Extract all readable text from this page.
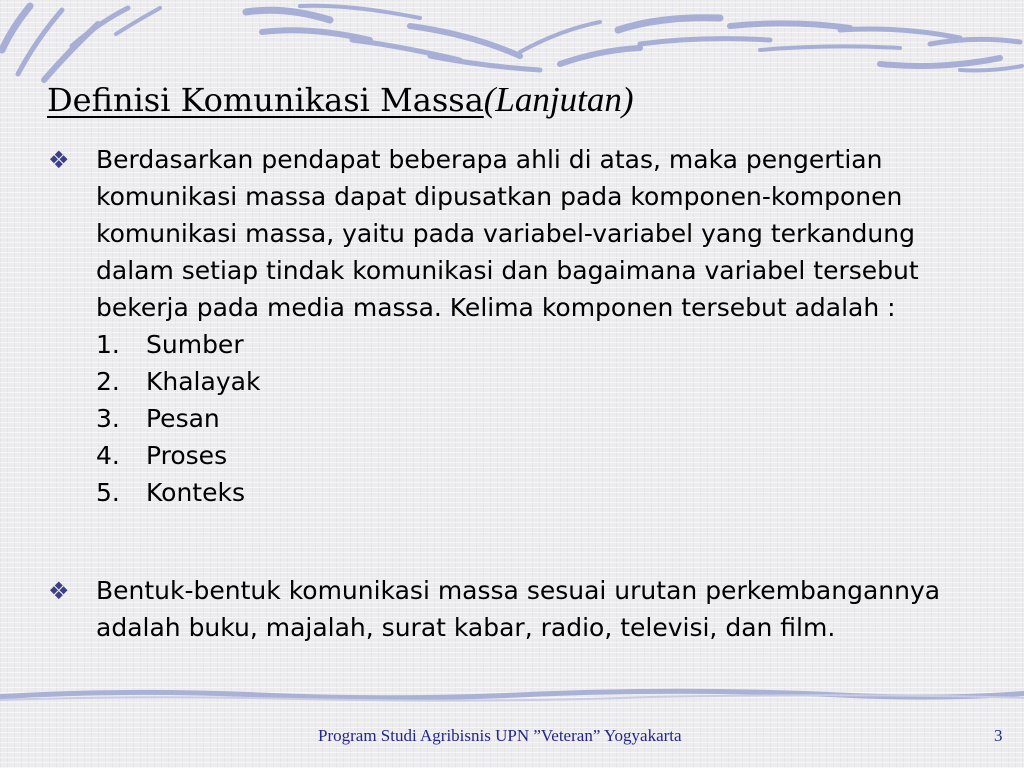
Definisi Komunikasi Massa(Lanjutan)
❖ Berdasarkan pendapat beberapa ahli di atas, maka pengertian komunikasi massa dapat dipusatkan pada komponen-komponen komunikasi massa, yaitu pada variabel-variabel yang terkandung dalam setiap tindak komunikasi dan bagaimana variabel tersebut bekerja pada media massa. Kelima komponen tersebut adalah :
1.	Sumber
2.	Khalayak
3.	Pesan
4.	Proses
5.	Konteks
❖ Bentuk-bentuk komunikasi massa sesuai urutan perkembangannya adalah buku, majalah, surat kabar, radio, televisi, dan film.
Program Studi Agribisnis UPN ”Veteran” Yogyakarta	3
